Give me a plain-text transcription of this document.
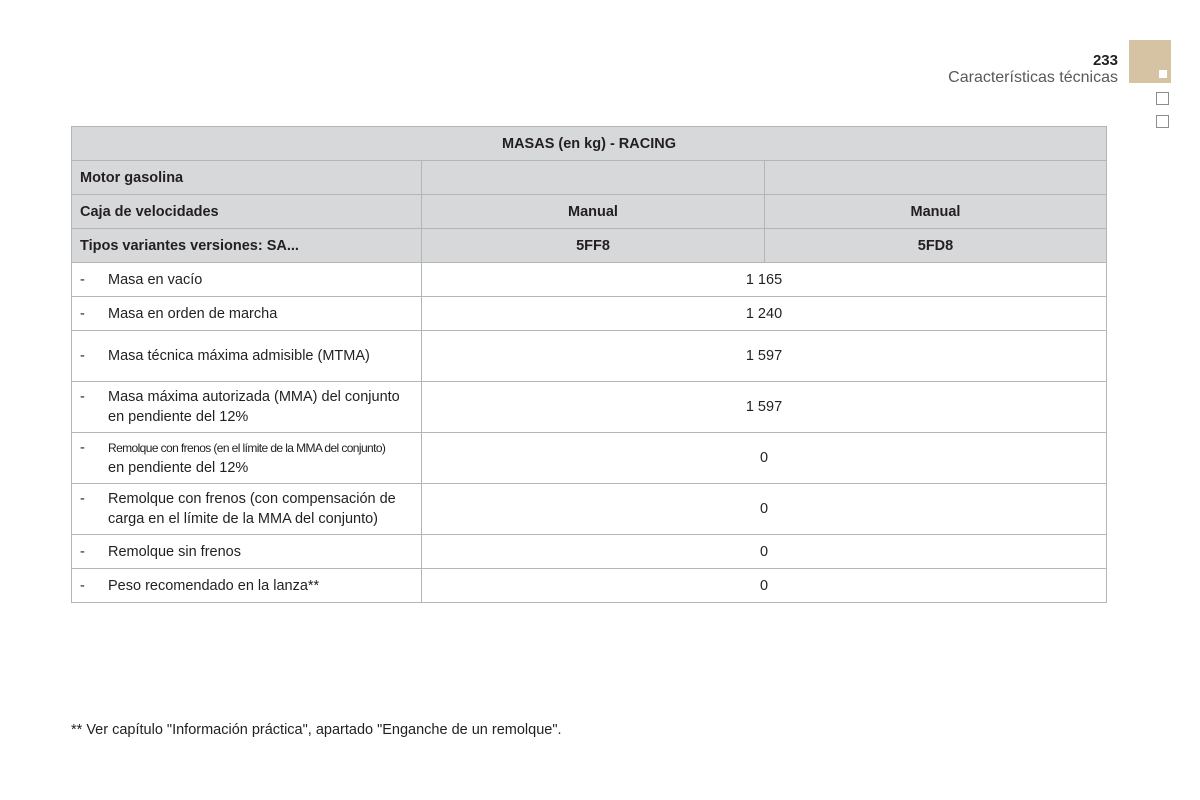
233
Características técnicas
MASAS (en kg) - RACING		
Motor gasolina		
Caja de velocidades	Manual	Manual
Tipos variantes versiones: SA...	5FF8	5FD8

- Masa en vacío	1 165	

- Masa en orden de marcha	1 240	

- Masa técnica máxima admisible (MTMA)	1 597	

- Masa máxima autorizada (MMA) del conjunto
en pendiente del 12%	1 597	

- Remolque con frenos (en el límite de la MMA del conjunto)
en pendiente del 12%	0	

- Remolque con frenos (con compensación de
carga en el límite de la MMA del conjunto)	0	

- Remolque sin frenos	0	

- Peso recomendado en la lanza**	0	
** Ver capítulo "Información práctica", apartado "Enganche de un remolque".
